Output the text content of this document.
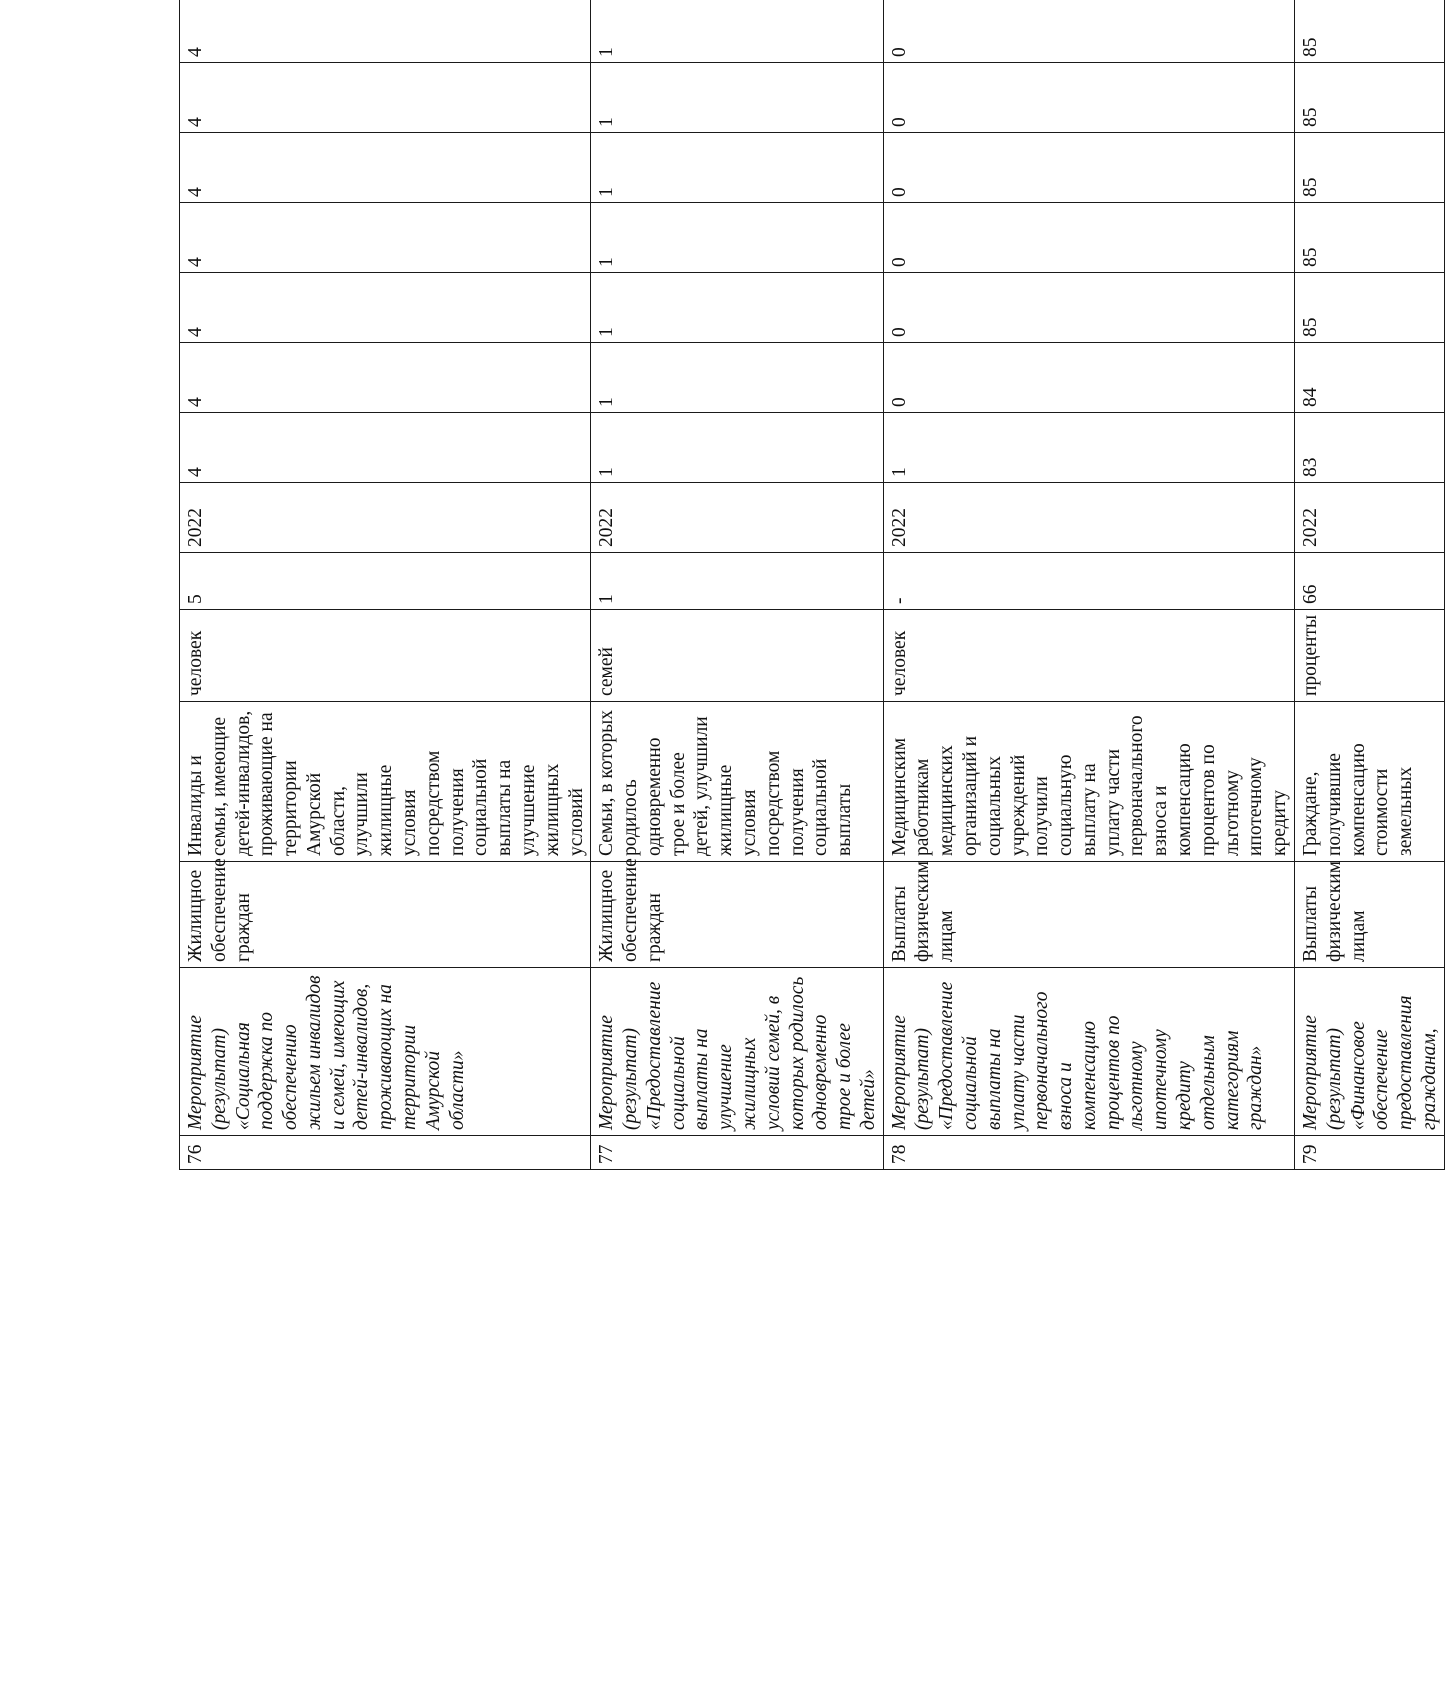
76	Мероприятие (результат) «Социальная поддержка по обеспечению жильем инвалидов и семей, имеющих детей-инвалидов, проживающих на территории Амурской области»	Жилищное обеспечение граждан	Инвалиды и семьи, имеющие детей-инвалидов, проживающие на территории Амурской области, улучшили жилищные условия посредством получения социальной выплаты на улучшение жилищных условий	человек	5	2022	4	4	4	4	4	4	4
77	Мероприятие (результат) «Предоставление социальной выплаты на улучшение жилищных условий семей, в которых родилось одновременно трое и более детей»	Жилищное обеспечение граждан	Семьи, в которых родилось одновременно трое и более детей, улучшили жилищные условия посредством получения социальной выплаты	семей	1	2022	1	1	1	1	1	1	1
78	Мероприятие (результат) «Предоставление социальной выплаты на уплату части первоначального взноса и компенсацию процентов по льготному ипотечному кредиту отдельным категориям граждан»	Выплаты физическим лицам	Медицинским работникам медицинских организаций и социальных учреждений получили социальную выплату на уплату части первоначального взноса и компенсацию процентов по льготному ипотечному кредиту	человек	-	2022	1	0	0	0	0	0	0
79	Мероприятие (результат) «Финансовое обеспечение предоставления гражданам,	Выплаты физическим лицам	Граждане, получившие компенсацию стоимости земельных	проценты	66	2022	83	84	85	85	85	85	85
